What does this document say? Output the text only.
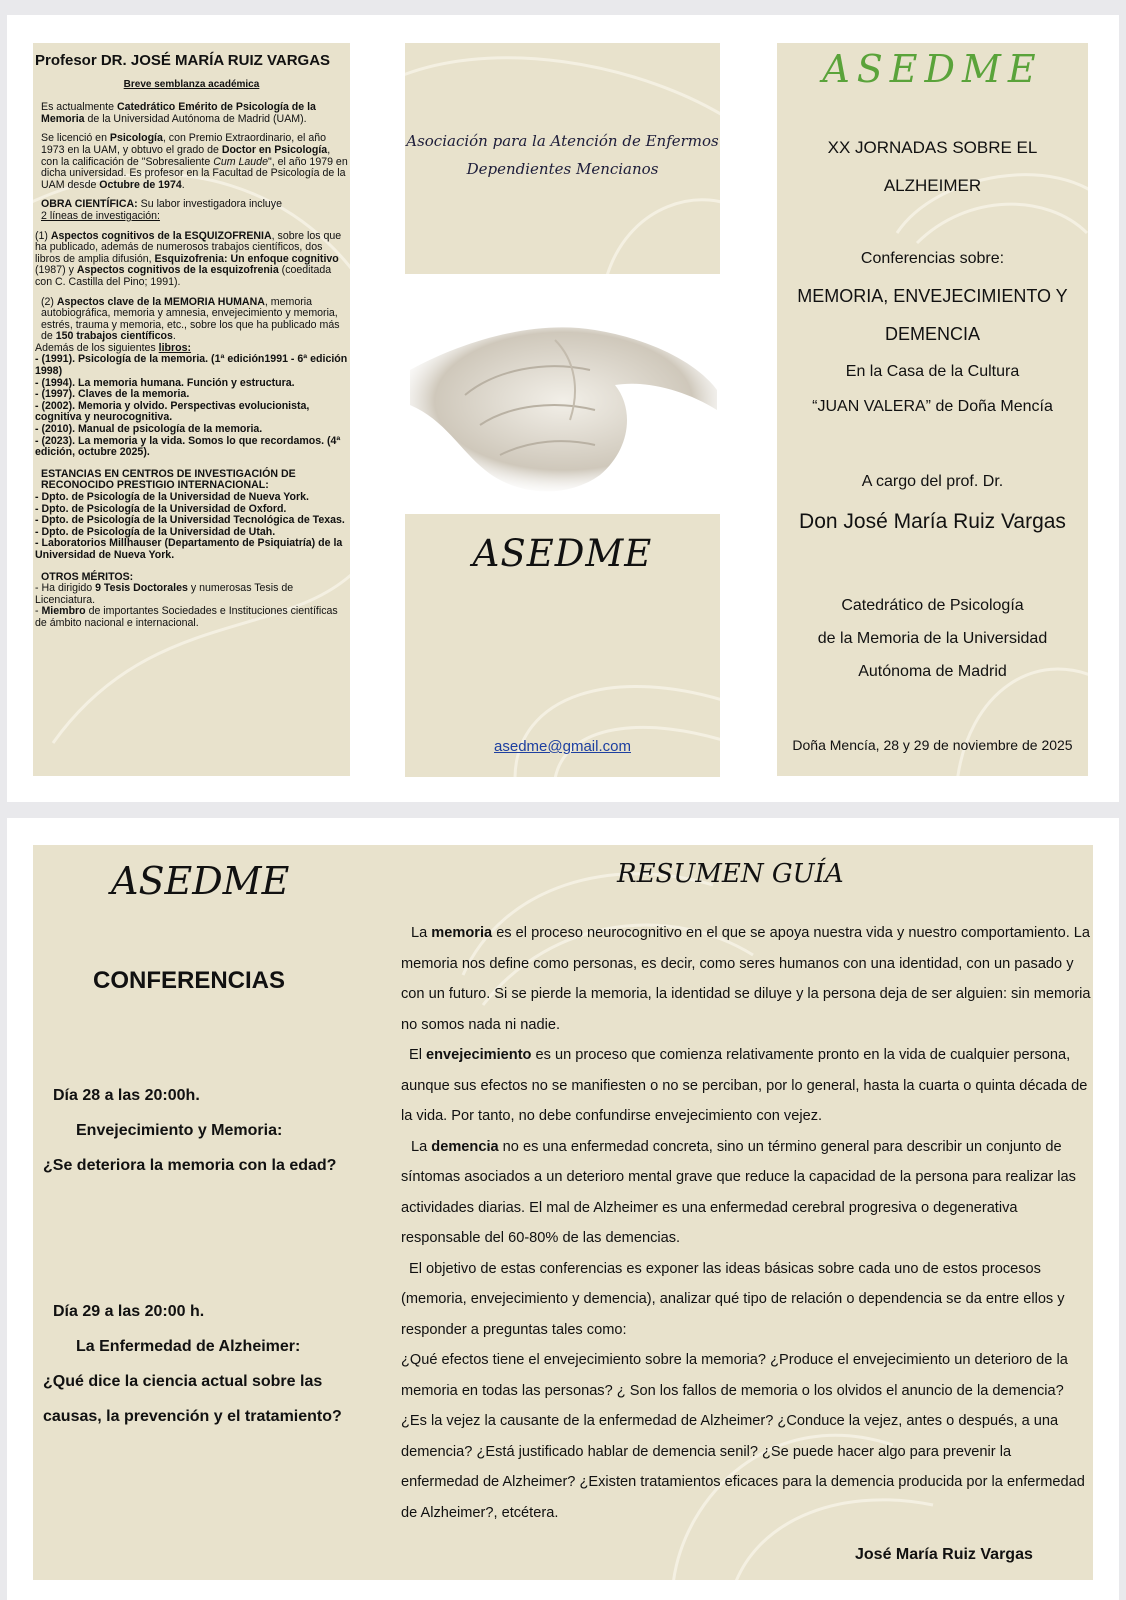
Profesor DR. JOSÉ MARÍA RUIZ VARGAS
Breve semblanza académica

Es actualmente Catedrático Emérito de Psicología de la Memoria de la Universidad Autónoma de Madrid (UAM).

Se licenció en Psicología, con Premio Extraordinario, el año 1973 en la UAM, y obtuvo el grado de Doctor en Psicología, con la calificación de "Sobresaliente Cum Laude", el año 1979 en dicha universidad. Es profesor en la Facultad de Psicología de la UAM desde Octubre de 1974.

OBRA CIENTÍFICA: Su labor investigadora incluye
2 líneas de investigación:

(1) Aspectos cognitivos de la ESQUIZOFRENIA, sobre los que ha publicado, además de numerosos trabajos científicos, dos libros de amplia difusión, Esquizofrenia: Un enfoque cognitivo (1987) y Aspectos cognitivos de la esquizofrenia (coeditada con C. Castilla del Pino; 1991).

(2) Aspectos clave de la MEMORIA HUMANA, memoria autobiográfica, memoria y amnesia, envejecimiento y memoria, estrés, trauma y memoria, etc., sobre los que ha publicado más de 150 trabajos científicos.

Además de los siguientes libros:
- (1991). Psicología de la memoria. (1ª edición1991 - 6ª edición 1998)
- (1994). La memoria humana. Función y estructura.
- (1997). Claves de la memoria.
- (2002). Memoria y olvido. Perspectivas evolucionista, cognitiva y neurocognitiva.
- (2010). Manual de psicología de la memoria.
- (2023). La memoria y la vida. Somos lo que recordamos. (4ª edición, octubre 2025).
ESTANCIAS EN CENTROS DE INVESTIGACIÓN DE RECONOCIDO PRESTIGIO INTERNACIONAL:
- Dpto. de Psicología de la Universidad de Nueva York.
- Dpto. de Psicología de la Universidad de Oxford.
- Dpto. de Psicología de la Universidad Tecnológica de Texas.
- Dpto. de Psicología de la Universidad de Utah.
- Laboratorios Millhauser (Departamento de Psiquiatría) de la Universidad de Nueva York.
OTROS MÉRITOS:
- Ha dirigido 9 Tesis Doctorales y numerosas Tesis de Licenciatura.
- Miembro de importantes Sociedades e Instituciones científicas de ámbito nacional e internacional.
Asociación para la Atención de Enfermos
Dependientes Mencianos
ASEDME
asedme@gmail.com
ASEDME
XX JORNADAS SOBRE EL
ALZHEIMER
Conferencias sobre:
MEMORIA, ENVEJECIMIENTO Y
DEMENCIA
En la Casa de la Cultura
“JUAN VALERA” de Doña Mencía
A cargo del prof. Dr.
Don José María Ruiz Vargas
Catedrático de Psicología
de la Memoria de la Universidad
Autónoma de Madrid
Doña Mencía, 28 y 29 de noviembre de 2025
ASEDME	RESUMEN GUÍA
CONFERENCIAS
Día 28 a las 20:00h.
Envejecimiento y Memoria:
¿Se deteriora la memoria con la edad?
Día 29 a las 20:00 h.
La Enfermedad de Alzheimer:
¿Qué dice la ciencia actual sobre las
causas, la prevención y el tratamiento?

La memoria es el proceso neurocognitivo en el que se apoya nuestra vida y nuestro comportamiento. La memoria nos define como personas, es decir, como seres humanos con una identidad, con un pasado y con un futuro. Si se pierde la memoria, la identidad se diluye y la persona deja de ser alguien: sin memoria no somos nada ni nadie.

El envejecimiento es un proceso que comienza relativamente pronto en la vida de cualquier persona, aunque sus efectos no se manifiesten o no se perciban, por lo general, hasta la cuarta o quinta década de la vida. Por tanto, no debe confundirse envejecimiento con vejez.

La demencia no es una enfermedad concreta, sino un término general para describir un conjunto de síntomas asociados a un deterioro mental grave que reduce la capacidad de la persona para realizar las actividades diarias. El mal de Alzheimer es una enfermedad cerebral progresiva o degenerativa responsable del 60-80% de las demencias.

El objetivo de estas conferencias es exponer las ideas básicas sobre cada uno de estos procesos (memoria, envejecimiento y demencia), analizar qué tipo de relación o dependencia se da entre ellos y responder a preguntas tales como:

¿Qué efectos tiene el envejecimiento sobre la memoria? ¿Produce el envejecimiento un deterioro de la memoria en todas las personas? ¿ Son los fallos de memoria o los olvidos el anuncio de la demencia? ¿Es la vejez la causante de la enfermedad de Alzheimer? ¿Conduce la vejez, antes o después, a una demencia? ¿Está justificado hablar de demencia senil? ¿Se puede hacer algo para prevenir la enfermedad de Alzheimer? ¿Existen tratamientos eficaces para la demencia producida por la enfermedad de Alzheimer?, etcétera.

José María Ruiz Vargas
